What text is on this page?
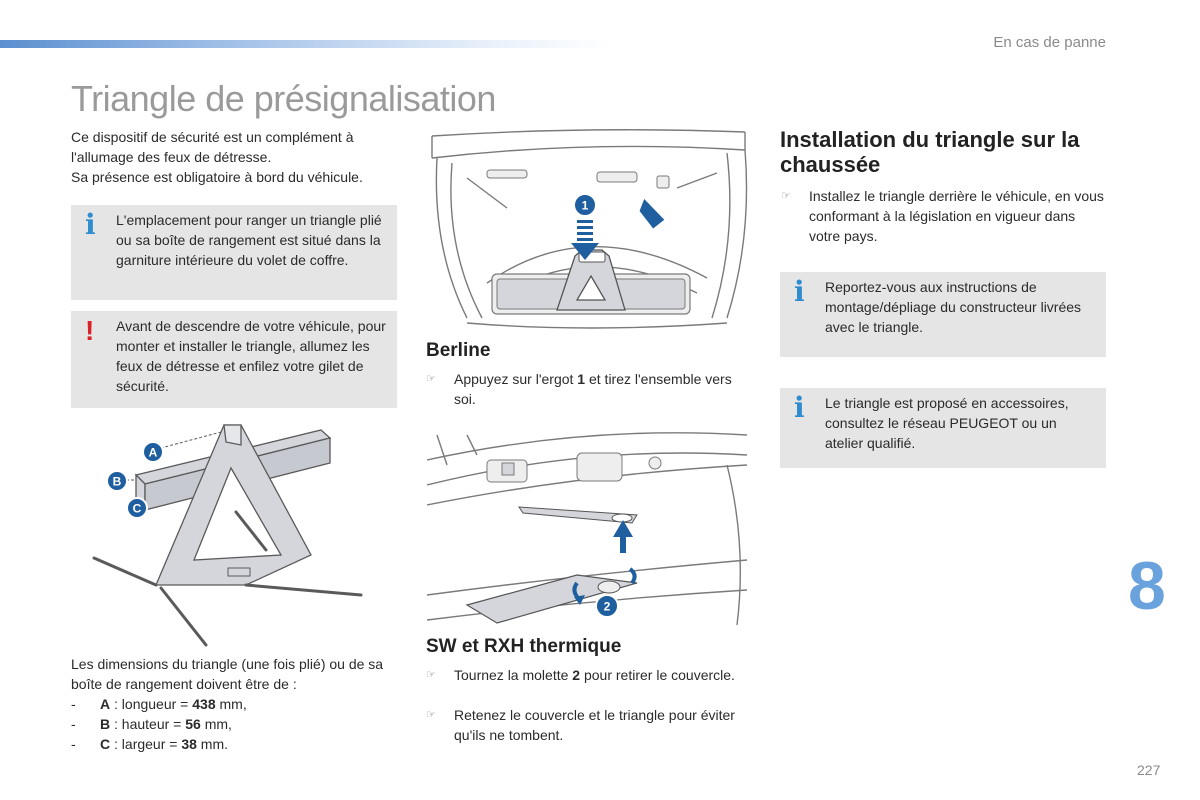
En cas de panne
Triangle de présignalisation

Ce dispositif de sécurité est un complément à l'allumage des feux de détresse.

Sa présence est obligatoire à bord du véhicule.

i L'emplacement pour ranger un triangle plié ou sa boîte de rangement est situé dans la garniture intérieure du volet de coffre.
! Avant de descendre de votre véhicule, pour monter et installer le triangle, allumez les feux de détresse et enfilez votre gilet de sécurité.
A
B
C
Les dimensions du triangle (une fois plié) ou de sa boîte de rangement doivent être de :
- A : longueur = 438 mm,
- B : hauteur = 56 mm,
- C : largeur = 38 mm.
1
Berline
☞ Appuyez sur l'ergot 1 et tirez l'ensemble vers soi.
2
SW et RXH thermique
☞ Tournez la molette 2 pour retirer le couvercle.
☞ Retenez le couvercle et le triangle pour éviter qu'ils ne tombent.
Installation du triangle sur la chaussée
☞ Installez le triangle derrière le véhicule, en vous conformant à la législation en vigueur dans votre pays.
i Reportez-vous aux instructions de montage/dépliage du constructeur livrées avec le triangle.
i Le triangle est proposé en accessoires, consultez le réseau PEUGEOT ou un atelier qualifié.
8
227
